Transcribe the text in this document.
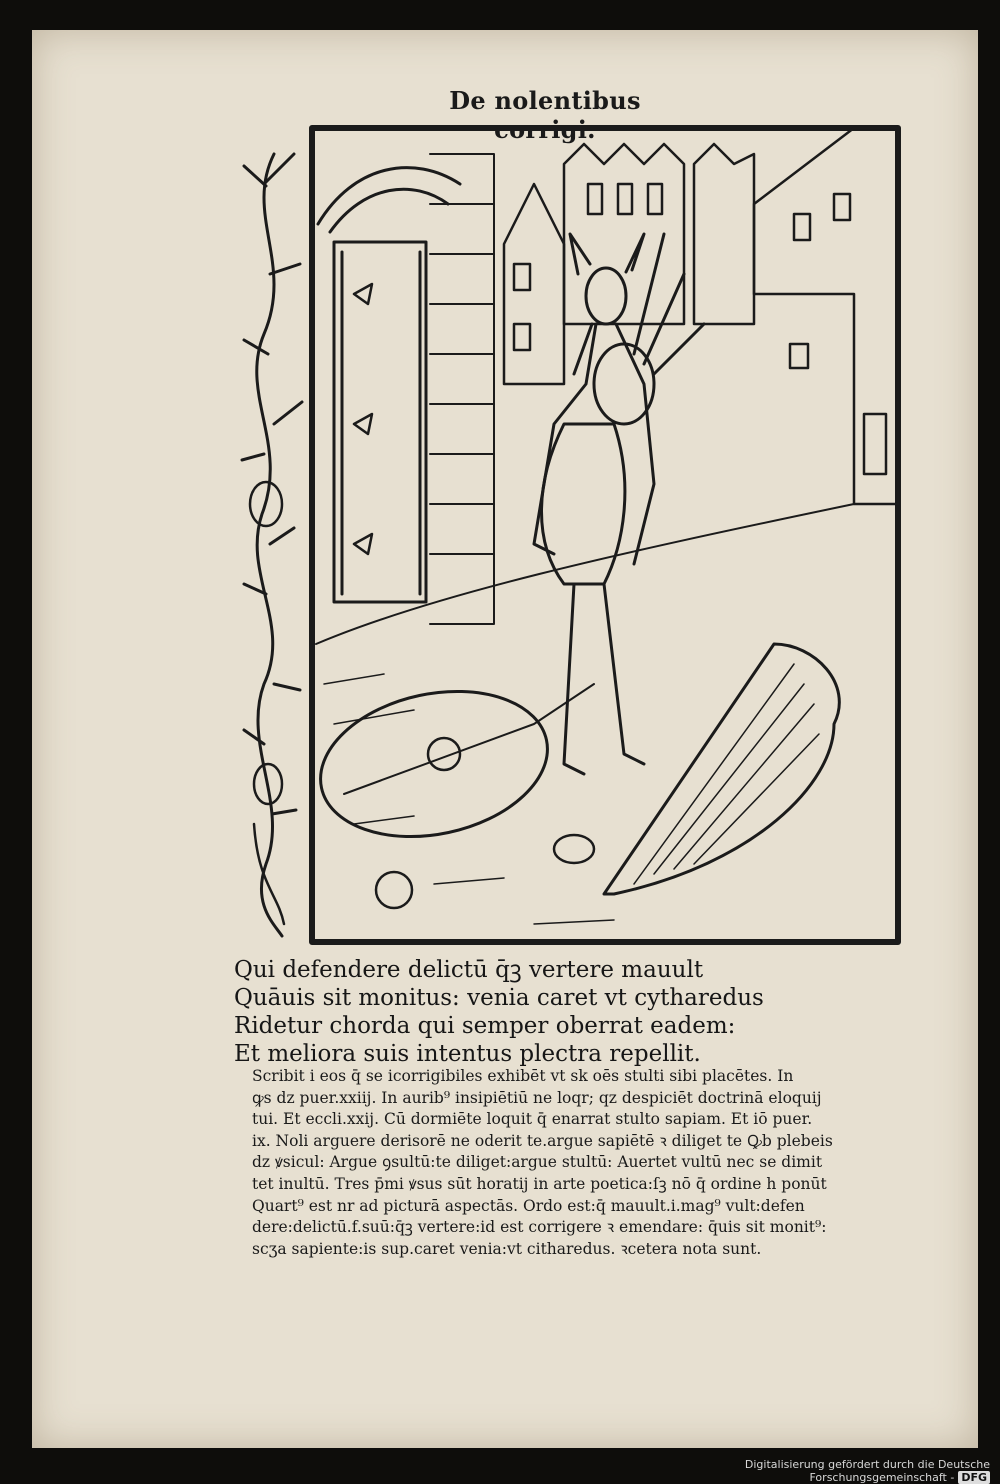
De nolentibus corrigi.
Qui defendere delictū q̄ꝫ vertere mauult
Quāuis sit monitus: venia caret vt cytharedus
Ridetur chorda qui semper oberrat eadem:
Et meliora suis intentus plectra repellit.
Scribit i eos q̄ se icorrigibiles exhibēt vt sk oēs stulti sibi placētes. In
ꝙs dz puer.xxiij. In aurib⁹ insipiētiū ne loqr; qz despiciēt doctrinā eloquij
tui. Et eccli.xxij. Cū dormiēte loquit q̄ enarrat stulto sapiam. Et iō puer.
ix. Noli arguere derisorē ne oderit te.argue sapiētē ꝛ diliget te Ꝙb plebeis
dz ꝟsicul: Argue ꝯsultū:te diliget:argue stultū: Auertet vultū nec se dimit
tet inultū. Tres p̄mi ꝟsus sūt horatij in arte poetica:ſꝫ nō q̄ ordine h ponūt
Quart⁹ est nr ad picturā aspectās. Ordo est:q̄ mauult.i.mag⁹ vult:defen
dere:delictū.f.suū:q̄ꝫ vertere:id est corrigere ꝛ emendare: q̄uis sit monit⁹:
scʒa sapiente:is sup.caret venia:vt citharedus. ꝛcetera nota sunt.
Digitalisierung gefördert durch die Deutsche Forschungsgemeinschaft - DFG
